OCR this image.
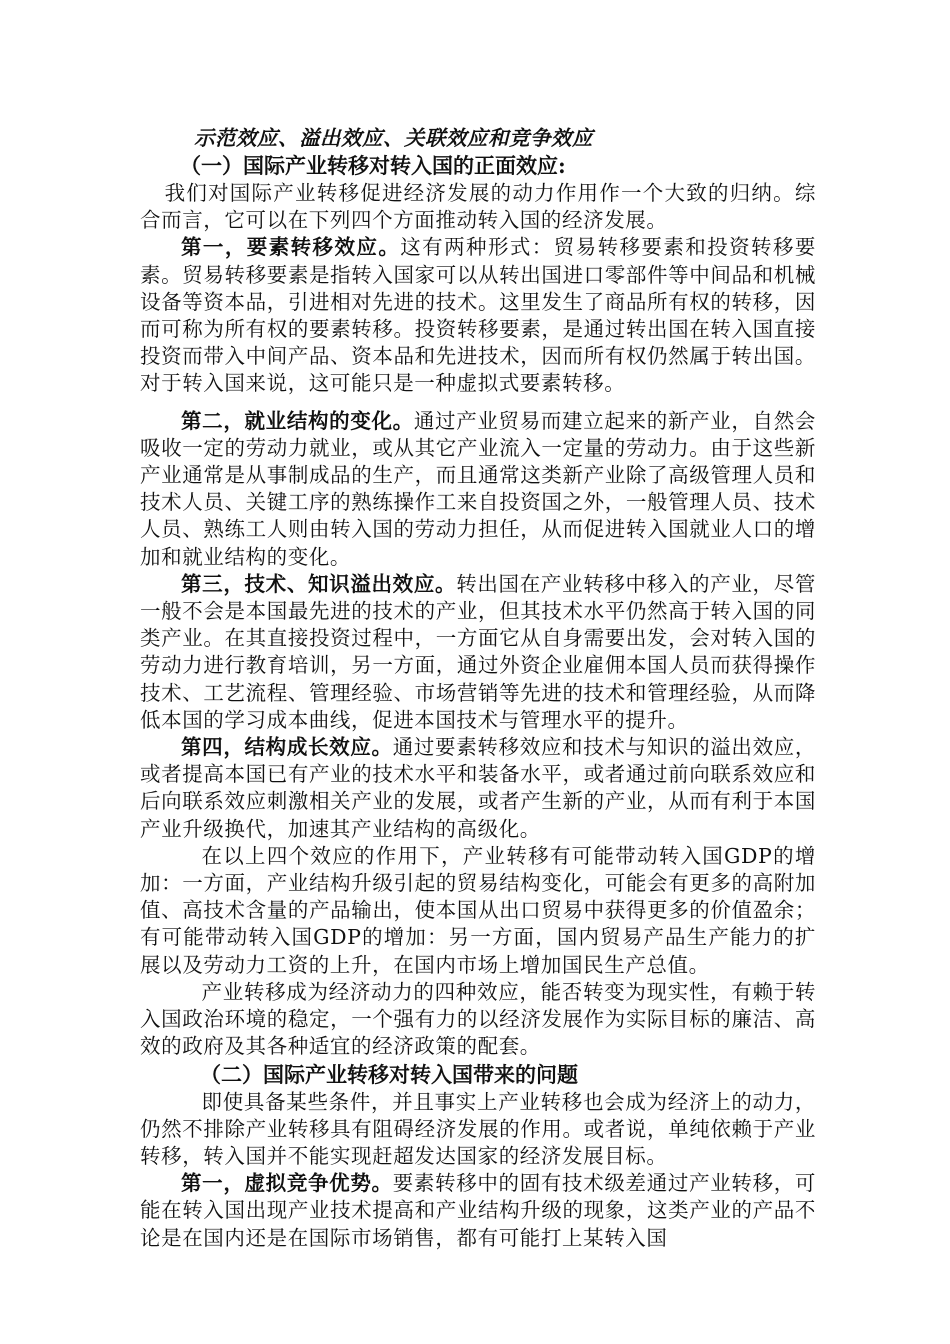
示范效应、溢出效应、关联效应和竞争效应
（一）国际产业转移对转入国的正面效应:

我们对国际产业转移促进经济发展的动力作用作一个大致的归纳。综合而言，它可以在下列四个方面推动转入国的经济发展。

第一，要素转移效应。这有两种形式：贸易转移要素和投资转移要素。贸易转移要素是指转入国家可以从转出国进口零部件等中间品和机械设备等资本品，引进相对先进的技术。这里发生了商品所有权的转移，因而可称为所有权的要素转移。投资转移要素，是通过转出国在转入国直接投资而带入中间产品、资本品和先进技术，因而所有权仍然属于转出国。对于转入国来说，这可能只是一种虚拟式要素转移。

第二，就业结构的变化。通过产业贸易而建立起来的新产业，自然会吸收一定的劳动力就业，或从其它产业流入一定量的劳动力。由于这些新产业通常是从事制成品的生产，而且通常这类新产业除了高级管理人员和技术人员、关键工序的熟练操作工来自投资国之外，一般管理人员、技术人员、熟练工人则由转入国的劳动力担任，从而促进转入国就业人口的增加和就业结构的变化。

第三，技术、知识溢出效应。转出国在产业转移中移入的产业，尽管一般不会是本国最先进的技术的产业，但其技术水平仍然高于转入国的同类产业。在其直接投资过程中，一方面它从自身需要出发，会对转入国的劳动力进行教育培训，另一方面，通过外资企业雇佣本国人员而获得操作技术、工艺流程、管理经验、市场营销等先进的技术和管理经验，从而降低本国的学习成本曲线，促进本国技术与管理水平的提升。

第四，结构成长效应。通过要素转移效应和技术与知识的溢出效应，或者提高本国已有产业的技术水平和装备水平，或者通过前向联系效应和后向联系效应刺激相关产业的发展，或者产生新的产业，从而有利于本国产业升级换代，加速其产业结构的高级化。

在以上四个效应的作用下，产业转移有可能带动转入国GDP的增加：一方面，产业结构升级引起的贸易结构变化，可能会有更多的高附加值、高技术含量的产品输出，使本国从出口贸易中获得更多的价值盈余；有可能带动转入国GDP的增加：另一方面，国内贸易产品生产能力的扩展以及劳动力工资的上升，在国内市场上增加国民生产总值。

产业转移成为经济动力的四种效应，能否转变为现实性，有赖于转入国政治环境的稳定，一个强有力的以经济发展作为实际目标的廉洁、高效的政府及其各种适宜的经济政策的配套。

（二）国际产业转移对转入国带来的问题

即使具备某些条件，并且事实上产业转移也会成为经济上的动力，仍然不排除产业转移具有阻碍经济发展的作用。或者说，单纯依赖于产业转移，转入国并不能实现赶超发达国家的经济发展目标。

第一，虚拟竞争优势。要素转移中的固有技术级差通过产业转移，可能在转入国出现产业技术提高和产业结构升级的现象，这类产业的产品不论是在国内还是在国际市场销售，都有可能打上某转入国
